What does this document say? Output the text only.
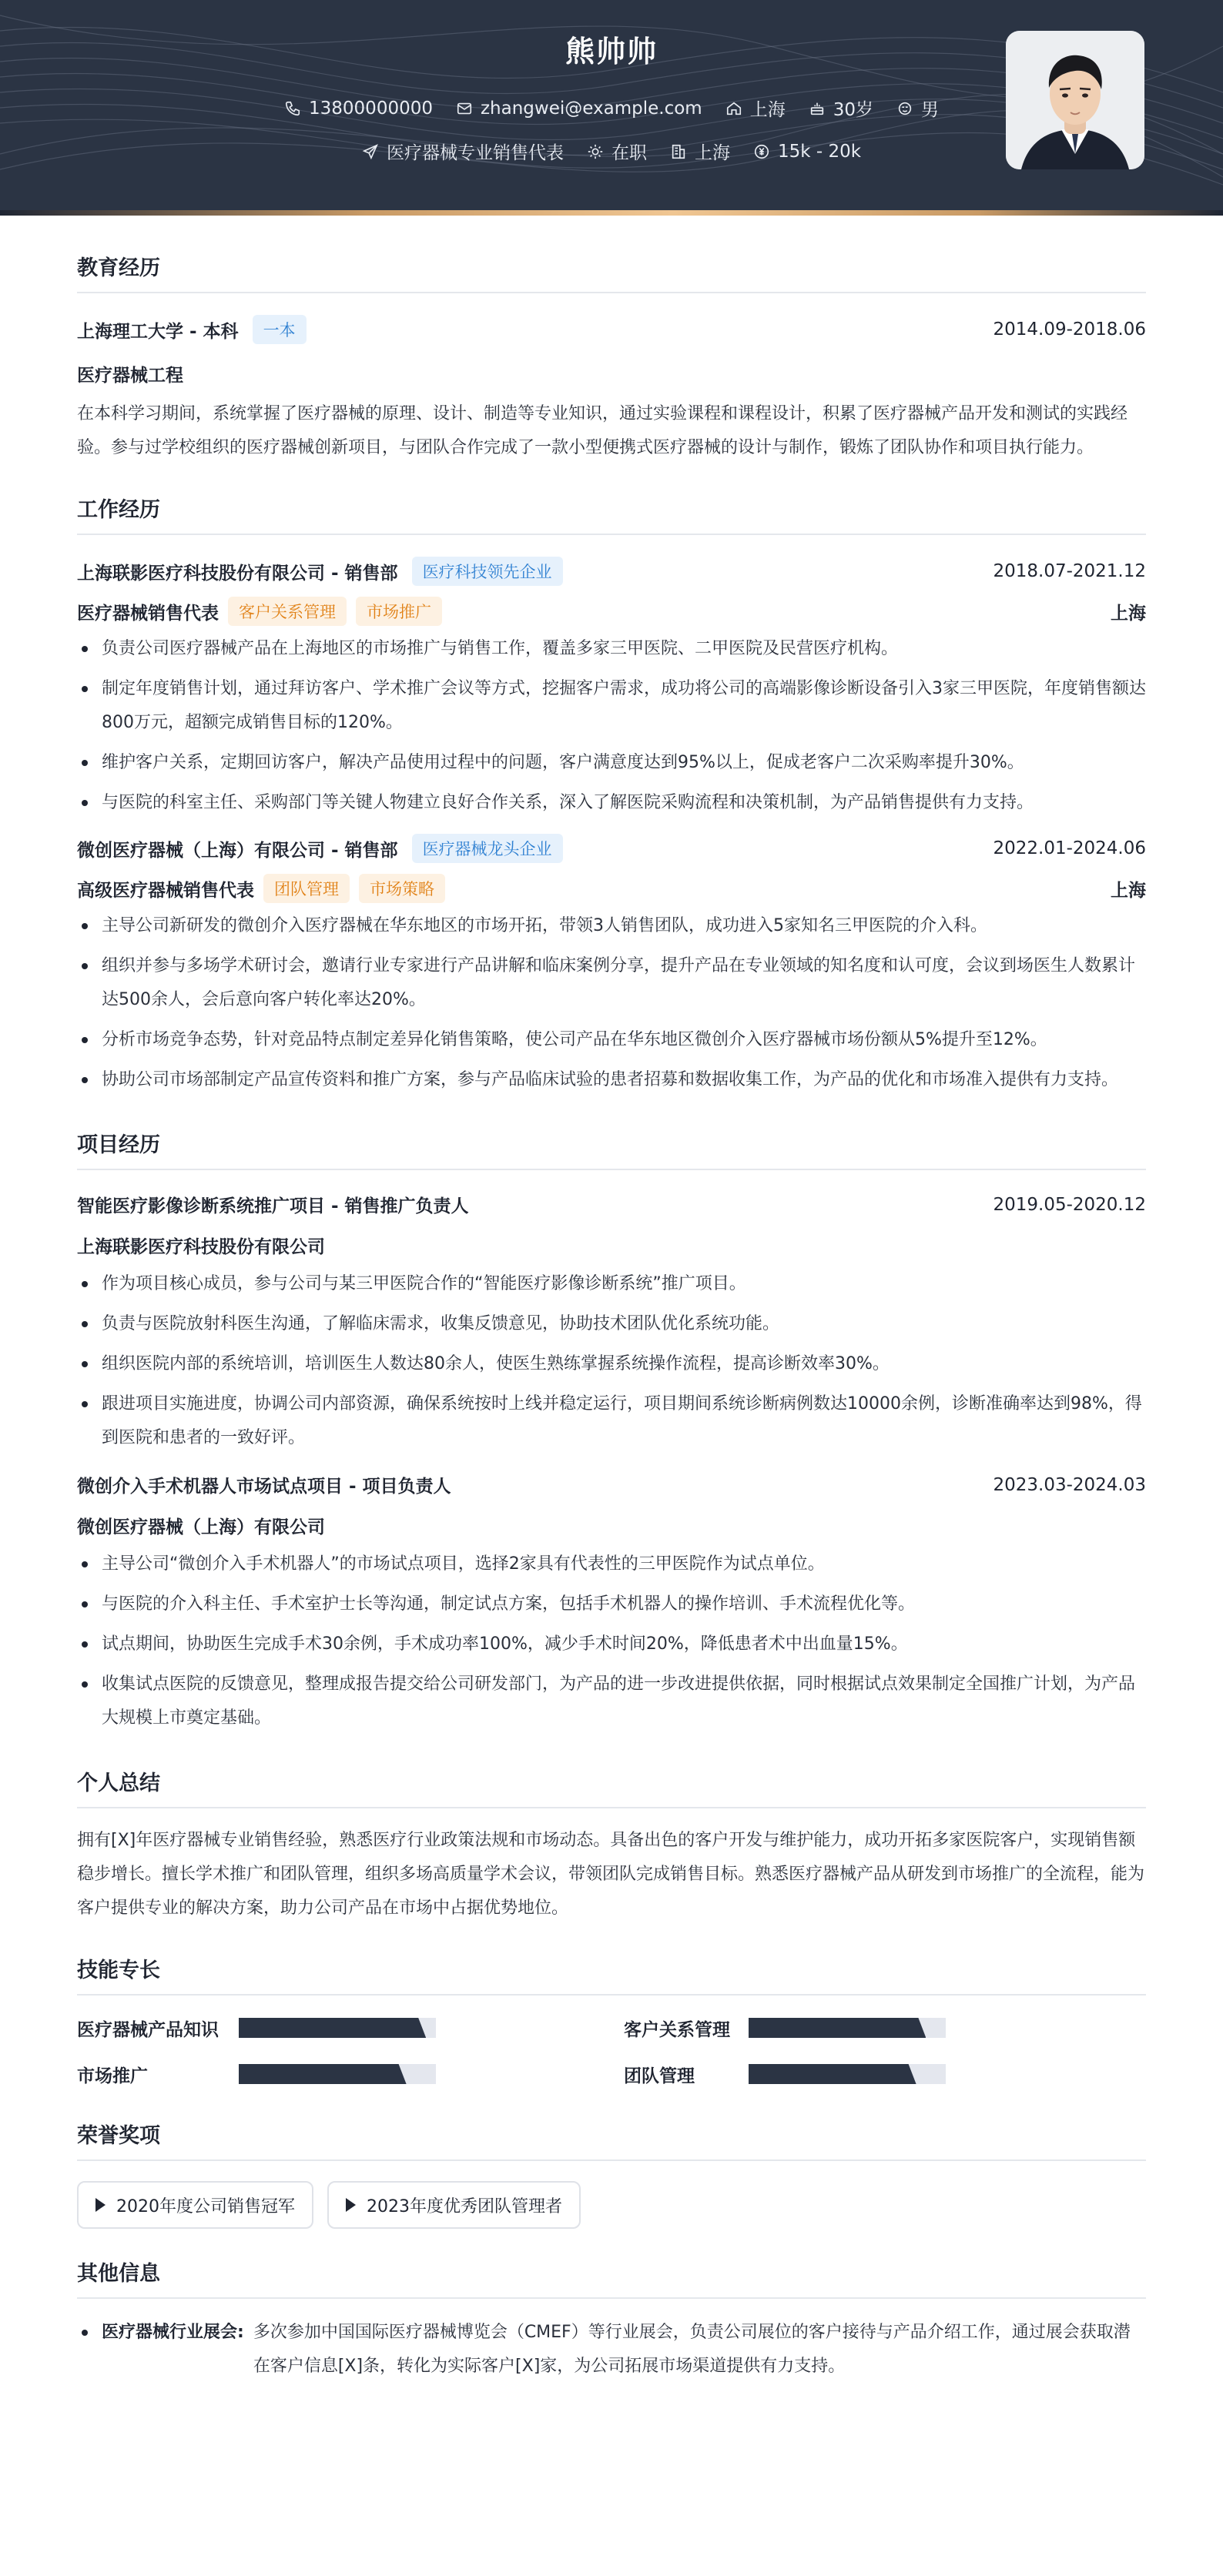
熊帅帅
13800000000	zhangwei@example.com	上海	30岁	男
医疗器械专业销售代表	在职	上海	15k - 20k
教育经历
上海理工大学 - 本科	一本	2014.09-2018.06
医疗器械工程
在本科学习期间，系统掌握了医疗器械的原理、设计、制造等专业知识，通过实验课程和课程设计，积累了医疗器械产品开发和测试的实践经验。参与过学校组织的医疗器械创新项目，与团队合作完成了一款小型便携式医疗器械的设计与制作，锻炼了团队协作和项目执行能力。
工作经历
上海联影医疗科技股份有限公司 - 销售部	医疗科技领先企业	2018.07-2021.12
医疗器械销售代表	客户关系管理	市场推广	上海
负责公司医疗器械产品在上海地区的市场推广与销售工作，覆盖多家三甲医院、二甲医院及民营医疗机构。
制定年度销售计划，通过拜访客户、学术推广会议等方式，挖掘客户需求，成功将公司的高端影像诊断设备引入3家三甲医院，年度销售额达800万元，超额完成销售目标的120%。
维护客户关系，定期回访客户，解决产品使用过程中的问题，客户满意度达到95%以上，促成老客户二次采购率提升30%。
与医院的科室主任、采购部门等关键人物建立良好合作关系，深入了解医院采购流程和决策机制，为产品销售提供有力支持。
微创医疗器械（上海）有限公司 - 销售部	医疗器械龙头企业	2022.01-2024.06
高级医疗器械销售代表	团队管理	市场策略	上海
主导公司新研发的微创介入医疗器械在华东地区的市场开拓，带领3人销售团队，成功进入5家知名三甲医院的介入科。
组织并参与多场学术研讨会，邀请行业专家进行产品讲解和临床案例分享，提升产品在专业领域的知名度和认可度，会议到场医生人数累计达500余人，会后意向客户转化率达20%。
分析市场竞争态势，针对竞品特点制定差异化销售策略，使公司产品在华东地区微创介入医疗器械市场份额从5%提升至12%。
协助公司市场部制定产品宣传资料和推广方案，参与产品临床试验的患者招募和数据收集工作，为产品的优化和市场准入提供有力支持。
项目经历
智能医疗影像诊断系统推广项目 - 销售推广负责人	2019.05-2020.12
上海联影医疗科技股份有限公司
作为项目核心成员，参与公司与某三甲医院合作的“智能医疗影像诊断系统”推广项目。
负责与医院放射科医生沟通，了解临床需求，收集反馈意见，协助技术团队优化系统功能。
组织医院内部的系统培训，培训医生人数达80余人，使医生熟练掌握系统操作流程，提高诊断效率30%。
跟进项目实施进度，协调公司内部资源，确保系统按时上线并稳定运行，项目期间系统诊断病例数达10000余例，诊断准确率达到98%，得到医院和患者的一致好评。
微创介入手术机器人市场试点项目 - 项目负责人	2023.03-2024.03
微创医疗器械（上海）有限公司
主导公司“微创介入手术机器人”的市场试点项目，选择2家具有代表性的三甲医院作为试点单位。
与医院的介入科主任、手术室护士长等沟通，制定试点方案，包括手术机器人的操作培训、手术流程优化等。
试点期间，协助医生完成手术30余例，手术成功率100%，减少手术时间20%，降低患者术中出血量15%。
收集试点医院的反馈意见，整理成报告提交给公司研发部门，为产品的进一步改进提供依据，同时根据试点效果制定全国推广计划，为产品大规模上市奠定基础。
个人总结
拥有[X]年医疗器械专业销售经验，熟悉医疗行业政策法规和市场动态。具备出色的客户开发与维护能力，成功开拓多家医院客户，实现销售额稳步增长。擅长学术推广和团队管理，组织多场高质量学术会议，带领团队完成销售目标。熟悉医疗器械产品从研发到市场推广的全流程，能为客户提供专业的解决方案，助力公司产品在市场中占据优势地位。
技能专长
医疗器械产品知识	客户关系管理
市场推广	团队管理
荣誉奖项
2020年度公司销售冠军	2023年度优秀团队管理者
其他信息
医疗器械行业展会: 多次参加中国国际医疗器械博览会（CMEF）等行业展会，负责公司展位的客户接待与产品介绍工作，通过展会获取潜在客户信息[X]条，转化为实际客户[X]家，为公司拓展市场渠道提供有力支持。
